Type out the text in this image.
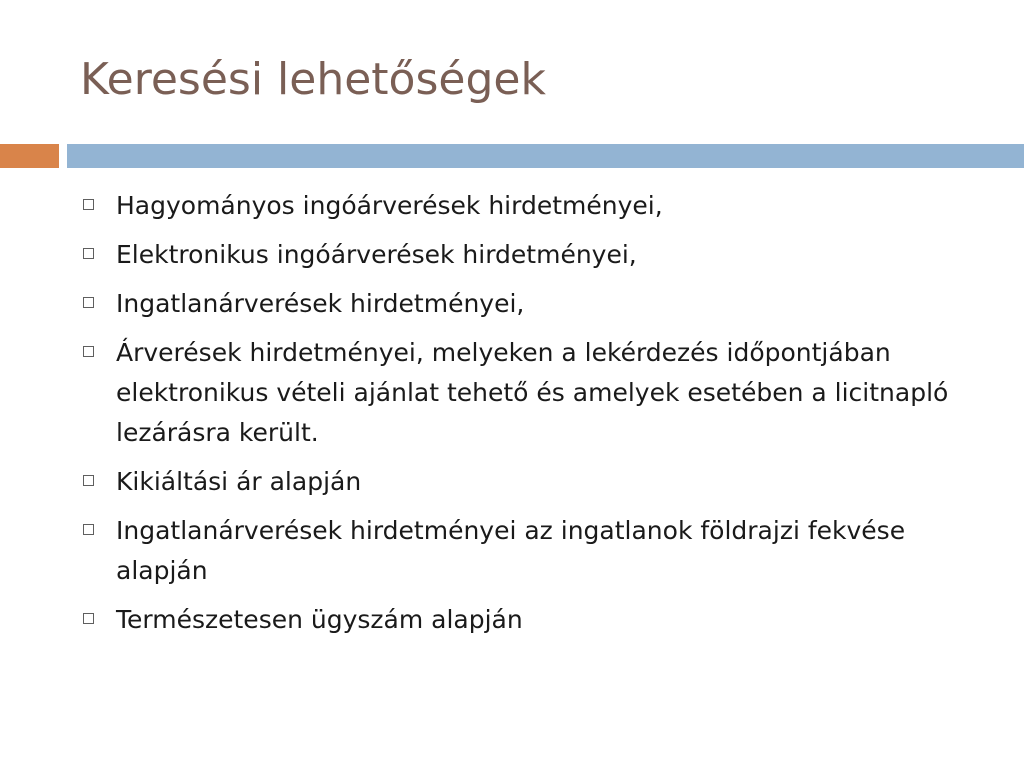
Keresési lehetőségek
Hagyományos ingóárverések hirdetményei,
Elektronikus ingóárverések hirdetményei,
Ingatlanárverések hirdetményei,
Árverések hirdetményei, melyeken a lekérdezés időpontjában elektronikus vételi ajánlat tehető és amelyek esetében a licitnapló lezárásra került.
Kikiáltási ár alapján
Ingatlanárverések hirdetményei az ingatlanok földrajzi fekvése alapján
Természetesen ügyszám alapján
